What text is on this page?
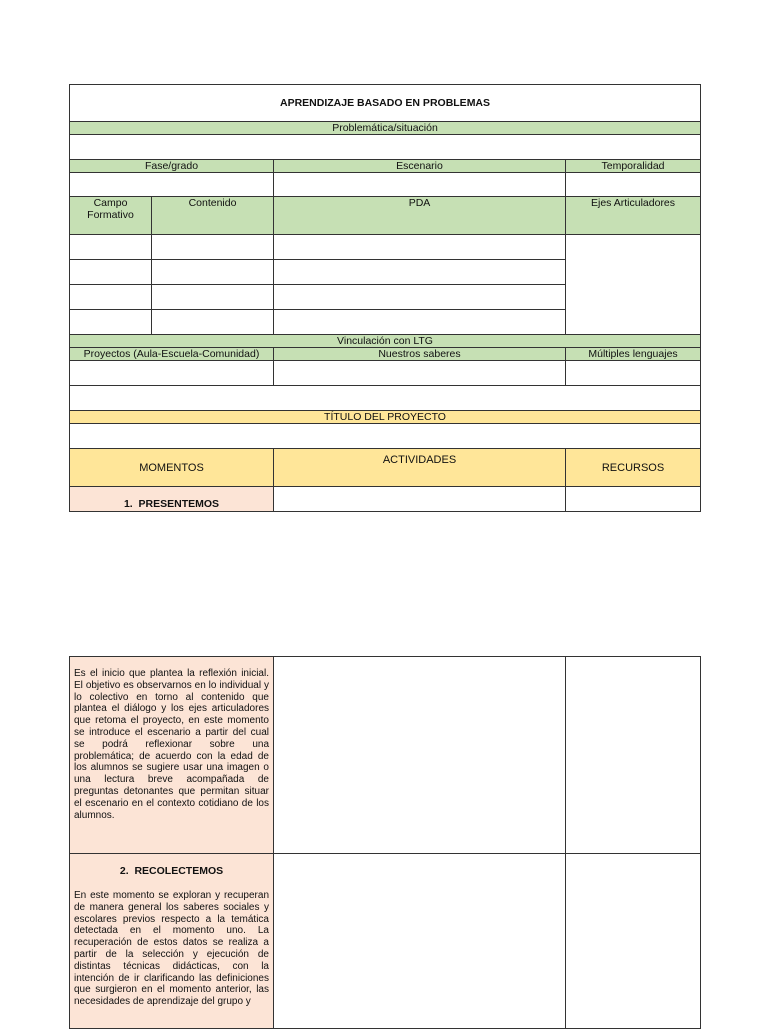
APRENDIZAJE BASADO EN PROBLEMAS			
Problemática/situación			

Fase/grado		Escenario	Temporalidad

Campo Formativo	Contenido	PDA	Ejes Articuladores

Vinculación con LTG			
Proyectos (Aula-Escuela-Comunidad)		Nuestros saberes	Múltiples lenguajes

TÍTULO DEL PROYECTO			

MOMENTOS		ACTIVIDADES	RECURSOS
1.  PRESENTEMOS			
Es el inicio que plantea la reflexión inicial. El objetivo es observarnos en lo individual y lo colectivo en torno al contenido que plantea el diálogo y los ejes articuladores que retoma el proyecto, en este momento se introduce el escenario a partir del cual se podrá reflexionar sobre una problemática; de acuerdo con la edad de los alumnos se sugiere usar una imagen o una lectura breve acompañada de preguntas detonantes que permitan situar el escenario en el contexto cotidiano de los alumnos.		

2.  RECOLECTEMOS
En este momento se exploran y recuperan de manera general los saberes sociales y escolares previos respecto a la temática detectada en el momento uno. La recuperación de estos datos se realiza a partir de la selección y ejecución de distintas técnicas didácticas, con la intención de ir clarificando las definiciones que surgieron en el momento anterior, las necesidades de aprendizaje del grupo y		
